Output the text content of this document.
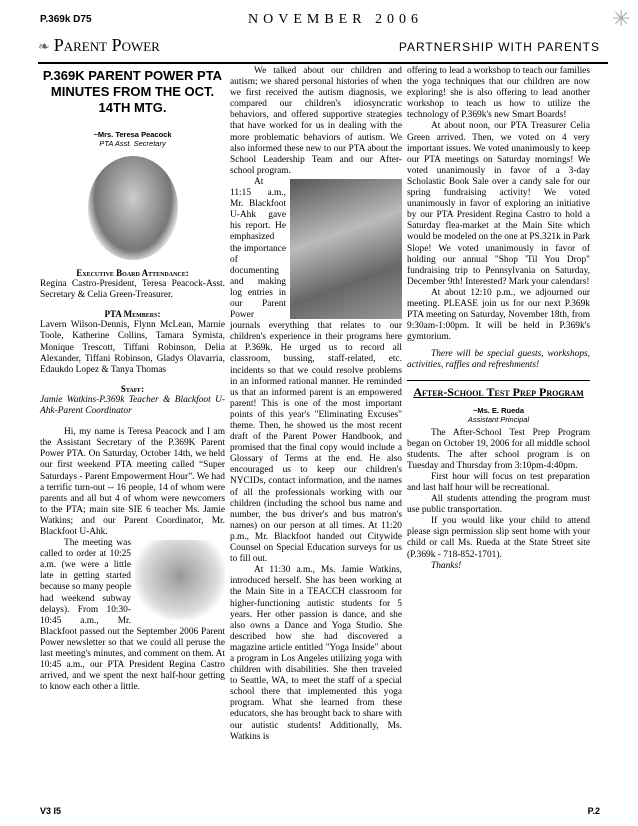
P.369k D75	NOVEMBER 2006	✳
❧ Parent Power	PARTNERSHIP WITH PARENTS
P.369K PARENT POWER PTA MINUTES FROM THE OCT. 14TH MTG.
~Mrs. Teresa Peacock
PTA Asst. Secretary
Executive Board Attendance:

Regina Castro-President, Teresa Peacock-Asst. Secretary & Celia Green-Treasurer.

PTA Members:

Lavern Wilson-Dennis, Flynn McLean, Marnie Toole, Katherine Collins, Tamara Symista, Monique Trescott, Tiffani Robinson, Delia Alexander, Tiffani Robinson, Gladys Olavarria, Edaukdo Lopez & Tanya Thomas

Staff:

Jamie Watkins-P.369k Teacher & Blackfoot U-Ahk-Parent Coordinator

Hi, my name is Teresa Peacock and I am the Assistant Secretary of the P.369K Parent Power PTA. On Saturday, October 14th, we held our first weekend PTA meeting called “Super Saturdays - Parent Empowerment Hour”. We had a terrific turn-out -- 16 people, 14 of whom were parents and all but 4 of whom were newcomers to the PTA; main site SIE 6 teacher Ms. Jamie Watkins; and our Parent Coordinator, Mr. Blackfoot U-Ahk.

The meeting was called to order at 10:25 a.m. (we were a little late in getting started because so many people had weekend subway delays). From 10:30-10:45 a.m., Mr. Blackfoot passed out the September 2006 Parent Power newsletter so that we could all peruse the last meeting's minutes, and comment on them. At 10:45 a.m., our PTA President Regina Castro arrived, and we spent the next half-hour getting to know each other a little.

We talked about our children and autism; we shared personal histories of when we first received the autism diagnosis, we compared our children's idiosyncratic behaviors, and offered supportive strategies that have worked for us in dealing with the more problematic behaviors of autism. We also informed these new to our PTA about the School Leadership Team and our After-school program.

At 11:15 a.m., Mr. Blackfoot U-Ahk gave his report. He emphasized the importance of documenting and making log entries in our Parent Power journals everything that relates to our children's experience in their programs here at P.369k. He urged us to record all classroom, bussing, staff-related, etc. incidents so that we could resolve problems in an informed rational manner. He reminded us that an informed parent is an empowered parent! This is one of the most important points of this year's "Eliminating Excuses" theme. Then, he showed us the most recent draft of the Parent Power Handbook, and promised that the final copy would include a Glossary of Terms at the end. He also encouraged us to keep our children's NYCIDs, contact information, and the names of all the professionals working with our children (including the school bus name and number, the bus driver's and bus matron's names) on our person at all times. At 11:20 p.m., Mr. Blackfoot handed out Citywide Counsel on Special Education surveys for us to fill out.

At 11:30 a.m., Ms. Jamie Watkins, introduced herself. She has been working at the Main Site in a TEACCH classroom for higher-functioning autistic students for 5 years. Her other passion is dance, and she also owns a Dance and Yoga Studio. She described how she had discovered a magazine article entitled "Yoga Inside" about a program in Los Angeles utilizing yoga with children with disabilities. She then traveled to Seattle, WA, to meet the staff of a special school there that implemented this yoga program. What she learned from these educators, she has brought back to share with our autistic students! Additionally, Ms. Watkins is

offering to lead a workshop to teach our families the yoga techniques that our children are now exploring! she is also offering to lead another workshop to teach us how to utilize the technology of P.369k's new Smart Boards!

At about noon, our PTA Treasurer Celia Green arrived. Then, we voted on 4 very important issues. We voted unanimously to keep our PTA meetings on Saturday mornings! We voted unanimously in favor of a 3-day Scholastic Book Sale over a candy sale for our spring fundraising activity! We voted unanimously in favor of exploring an initiative by our PTA President Regina Castro to hold a Saturday flea-market at the Main Site which would be modeled on the one at PS.321k in Park Slope! We voted unanimously in favor of holding our annual "Shop 'Til You Drop" fundraising trip to Pennsylvania on Saturday, December 9th! Interested? Mark your calendars!

At about 12:10 p.m., we adjourned our meeting. PLEASE join us for our next P.369k PTA meeting on Saturday, November 18th, from 9:30am-1:00pm. It will be held in P.369k's gymtorium.

There will be special guests, workshops, activities, raffles and refreshments!

After-School Test Prep Program
~Ms. E. Rueda
Assistant Principal

The After-School Test Prep Program began on October 19, 2006 for all middle school students. The after school program is on Tuesday and Thursday from 3:10pm-4:40pm.

First hour will focus on test preparation and last half hour will be recreational.

All students attending the program must use public transportation.

If you would like your child to attend please sign permission slip sent home with your child or call Ms. Rueda at the State Street site (P.369k - 718-852-1701).

Thanks!

V3 I5	P.2
